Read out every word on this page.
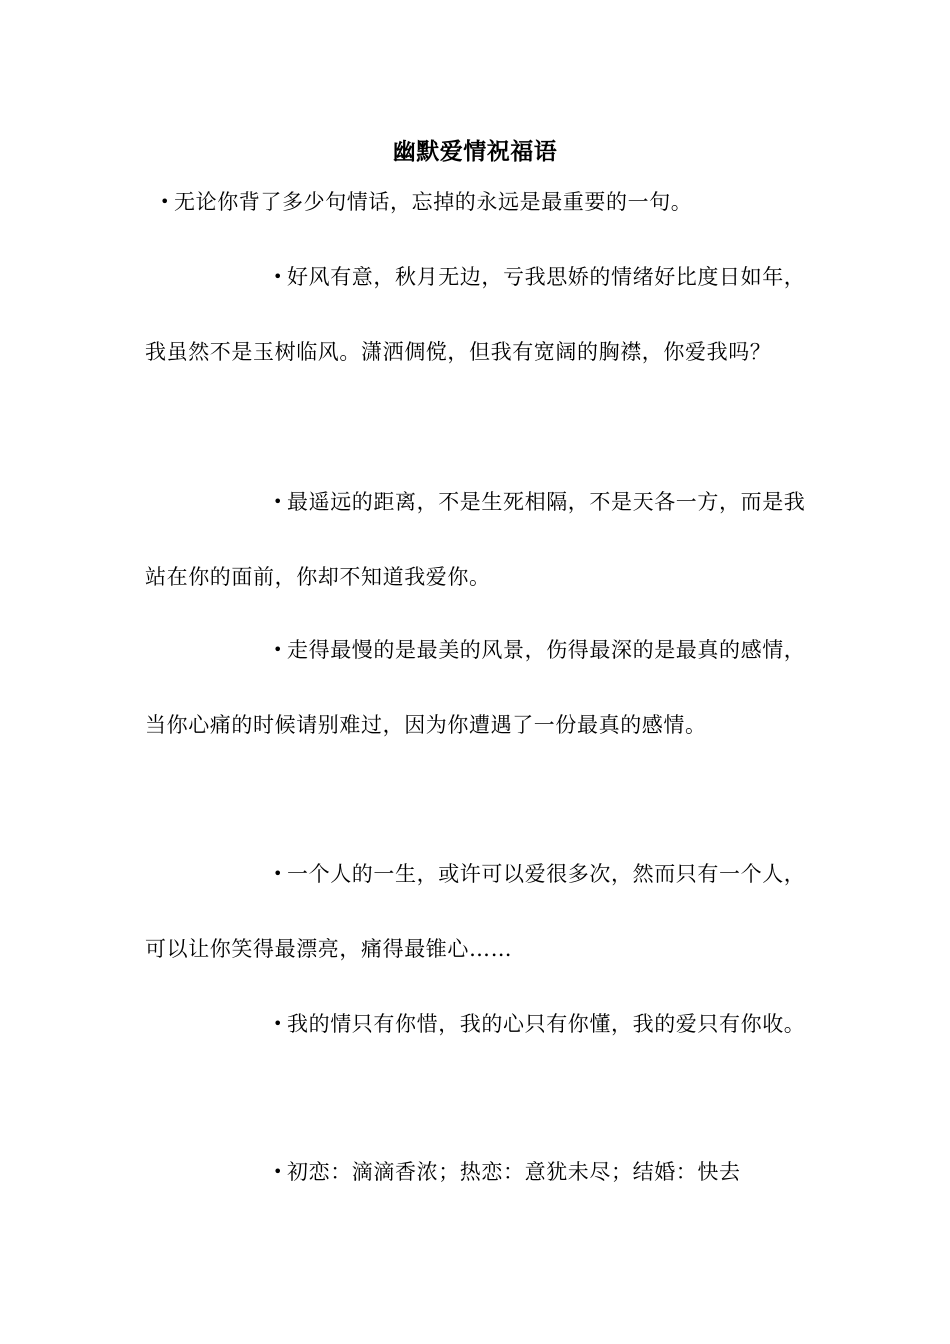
幽默爱情祝福语
• 无论你背了多少句情话，忘掉的永远是最重要的一句。
• 好风有意，秋月无边，亏我思娇的情绪好比度日如年，我虽然不是玉树临风。潇洒倜傥，但我有宽阔的胸襟，你爱我吗？
• 最遥远的距离，不是生死相隔，不是天各一方，而是我站在你的面前，你却不知道我爱你。
• 走得最慢的是最美的风景，伤得最深的是最真的感情，当你心痛的时候请别难过，因为你遭遇了一份最真的感情。
• 一个人的一生，或许可以爱很多次，然而只有一个人，可以让你笑得最漂亮，痛得最锥心……
• 我的情只有你惜，我的心只有你懂，我的爱只有你收。
• 初恋：滴滴香浓；热恋：意犹未尽；结婚：快去
